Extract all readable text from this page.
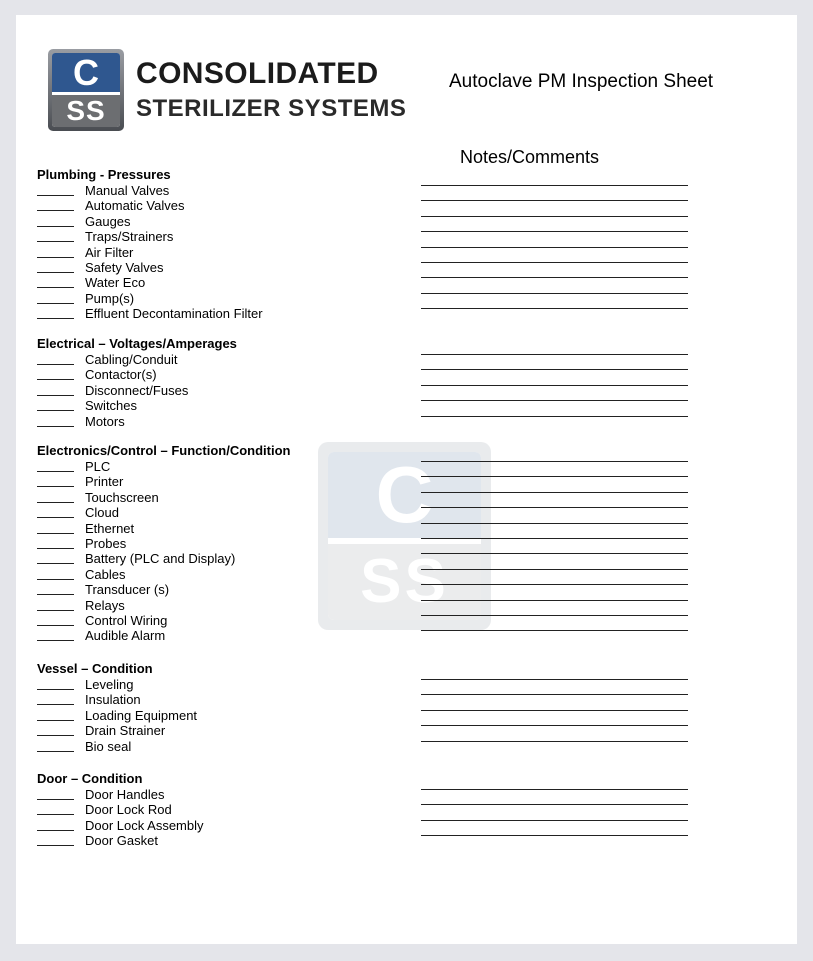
C
SS
CONSOLIDATED
STERILIZER SYSTEMS
Autoclave PM Inspection Sheet
Notes/Comments
C
SS
Plumbing - Pressures
Manual Valves
Automatic Valves
Gauges
Traps/Strainers
Air Filter
Safety Valves
Water Eco
Pump(s)
Effluent Decontamination Filter
Electrical – Voltages/Amperages
Cabling/Conduit
Contactor(s)
Disconnect/Fuses
Switches
Motors
Electronics/Control – Function/Condition
PLC
Printer
Touchscreen
Cloud
Ethernet
Probes
Battery (PLC and Display)
Cables
Transducer (s)
Relays
Control Wiring
Audible Alarm
Vessel – Condition
Leveling
Insulation
Loading Equipment
Drain Strainer
Bio seal
Door – Condition
Door Handles
Door Lock Rod
Door Lock Assembly
Door Gasket
